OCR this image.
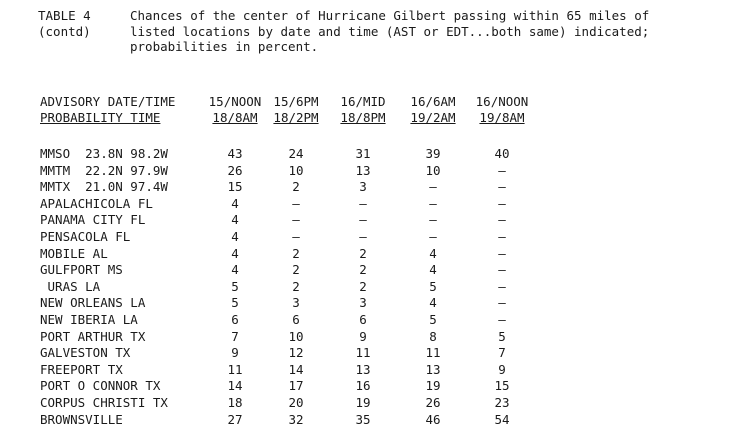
TABLE 4
(contd)
Chances of the center of Hurricane Gilbert passing within 65 miles of
listed locations by date and time (AST or EDT...both same) indicated;
probabilities in percent.
ADVISORY DATE/TIME	15/NOON 15/6PM	16/MID	16/6AM	16/NOON
PROBABILITY TIME	18/8AM	18/2PM	18/8PM	19/2AM	19/8AM
MMSO  23.8N 98.2W	43	24	31	39	40
MMTM  22.2N 97.9W	26	10	13	10	—
MMTX  21.0N 97.4W	15	2	3	—	—
APALACHICOLA FL	4	—	—	—	—
PANAMA CITY FL	4	—	—	—	—
PENSACOLA FL	4	—	—	—	—
MOBILE AL	4	2	2	4	—
GULFPORT MS	4	2	2	4	—
URAS LA	5	2	2	5	—
NEW ORLEANS LA	5	3	3	4	—
NEW IBERIA LA	6	6	6	5	—
PORT ARTHUR TX	7	10	9	8	5
GALVESTON TX	9	12	11	11	7
FREEPORT TX	11	14	13	13	9
PORT O CONNOR TX	14	17	16	19	15
CORPUS CHRISTI TX	18	20	19	26	23
BROWNSVILLE	27	32	35	46	54
